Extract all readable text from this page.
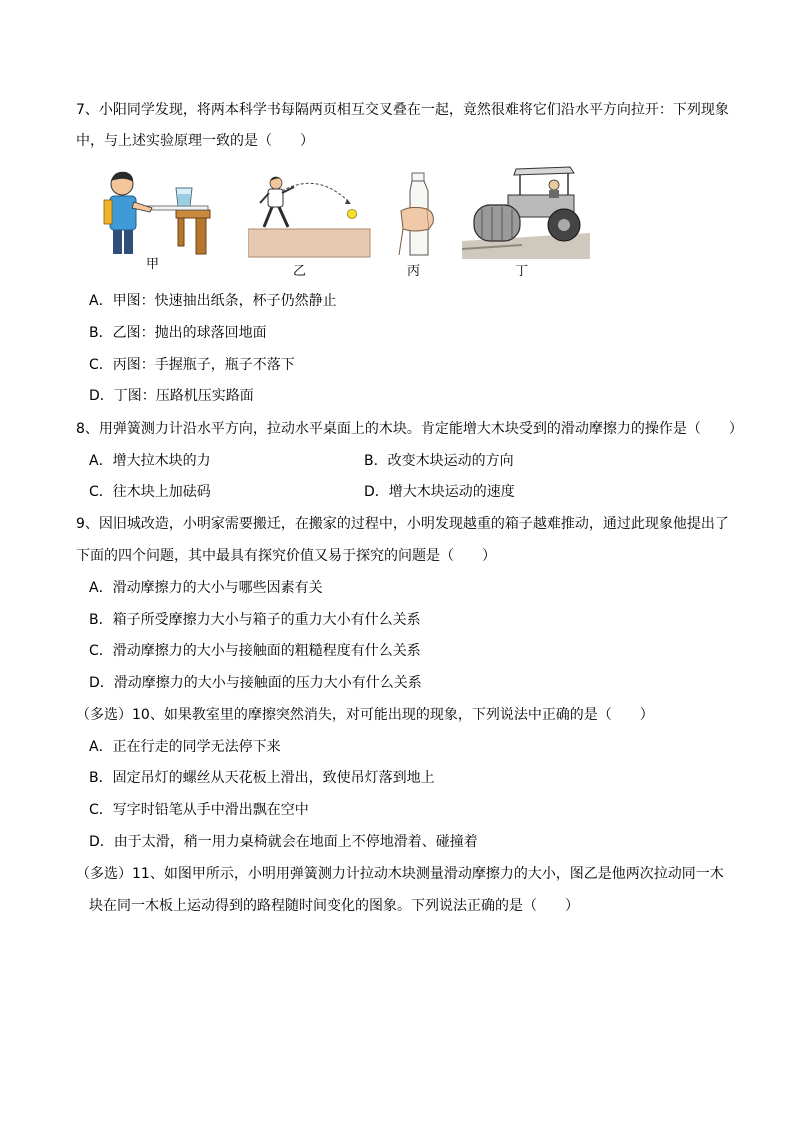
7、小阳同学发现，将两本科学书每隔两页相互交叉叠在一起，竟然很难将它们沿水平方向拉开：下列现象
中，与上述实验原理一致的是（　　）
甲	乙	丙	丁
A．甲图：快速抽出纸条，杯子仍然静止
B．乙图：抛出的球落回地面
C．丙图：手握瓶子，瓶子不落下
D．丁图：压路机压实路面
8、用弹簧测力计沿水平方向，拉动水平桌面上的木块。肯定能增大木块受到的滑动摩擦力的操作是（　　）
A．增大拉木块的力	B．改变木块运动的方向
C．往木块上加砝码	D．增大木块运动的速度
9、因旧城改造，小明家需要搬迁，在搬家的过程中，小明发现越重的箱子越难推动，通过此现象他提出了
下面的四个问题，其中最具有探究价值又易于探究的问题是（　　）
A．滑动摩擦力的大小与哪些因素有关
B．箱子所受摩擦力大小与箱子的重力大小有什么关系
C．滑动摩擦力的大小与接触面的粗糙程度有什么关系
D．滑动摩擦力的大小与接触面的压力大小有什么关系
（多选）10、如果教室里的摩擦突然消失，对可能出现的现象，下列说法中正确的是（　　）
A．正在行走的同学无法停下来
B．固定吊灯的螺丝从天花板上滑出，致使吊灯落到地上
C．写字时铅笔从手中滑出飘在空中
D．由于太滑，稍一用力桌椅就会在地面上不停地滑着、碰撞着
（多选）11、如图甲所示，小明用弹簧测力计拉动木块测量滑动摩擦力的大小，图乙是他两次拉动同一木
块在同一木板上运动得到的路程随时间变化的图象。下列说法正确的是（　　）
